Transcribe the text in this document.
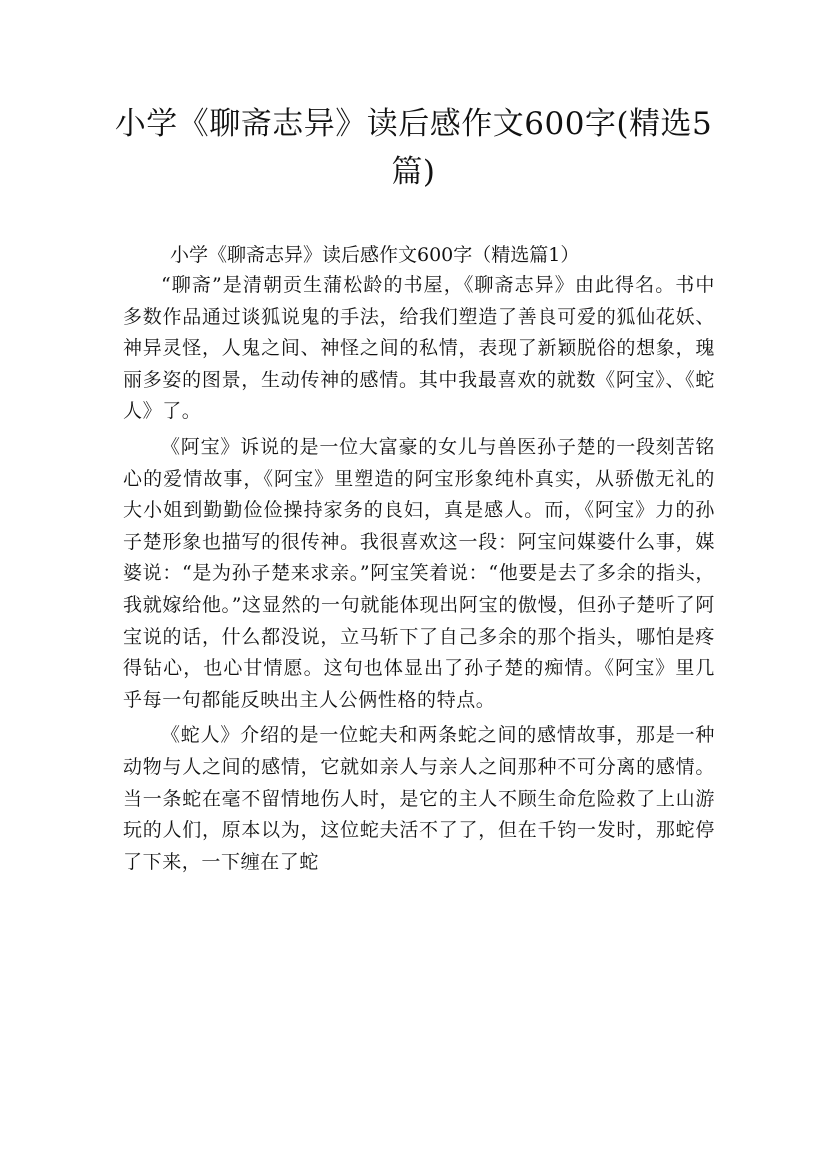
小学《聊斋志异》读后感作文600字(精选5篇)

小学《聊斋志异》读后感作文600字（精选篇1）

“聊斋”是清朝贡生蒲松龄的书屋，《聊斋志异》由此得名。书中多数作品通过谈狐说鬼的手法，给我们塑造了善良可爱的狐仙花妖、神异灵怪，人鬼之间、神怪之间的私情，表现了新颖脱俗的想象，瑰丽多姿的图景，生动传神的感情。其中我最喜欢的就数《阿宝》、《蛇人》了。

《阿宝》诉说的是一位大富豪的女儿与兽医孙子楚的一段刻苦铭心的爱情故事，《阿宝》里塑造的阿宝形象纯朴真实，从骄傲无礼的大小姐到勤勤俭俭操持家务的良妇，真是感人。而，《阿宝》力的孙子楚形象也描写的很传神。我很喜欢这一段：阿宝问媒婆什么事，媒婆说：“是为孙子楚来求亲。”阿宝笑着说：“他要是去了多余的指头，我就嫁给他。”这显然的一句就能体现出阿宝的傲慢，但孙子楚听了阿宝说的话，什么都没说，立马斩下了自己多余的那个指头，哪怕是疼得钻心，也心甘情愿。这句也体显出了孙子楚的痴情。《阿宝》里几乎每一句都能反映出主人公俩性格的特点。

《蛇人》介绍的是一位蛇夫和两条蛇之间的感情故事，那是一种动物与人之间的感情，它就如亲人与亲人之间那种不可分离的感情。当一条蛇在毫不留情地伤人时，是它的主人不顾生命危险救了上山游玩的人们，原本以为，这位蛇夫活不了了，但在千钧一发时，那蛇停了下来，一下缠在了蛇
